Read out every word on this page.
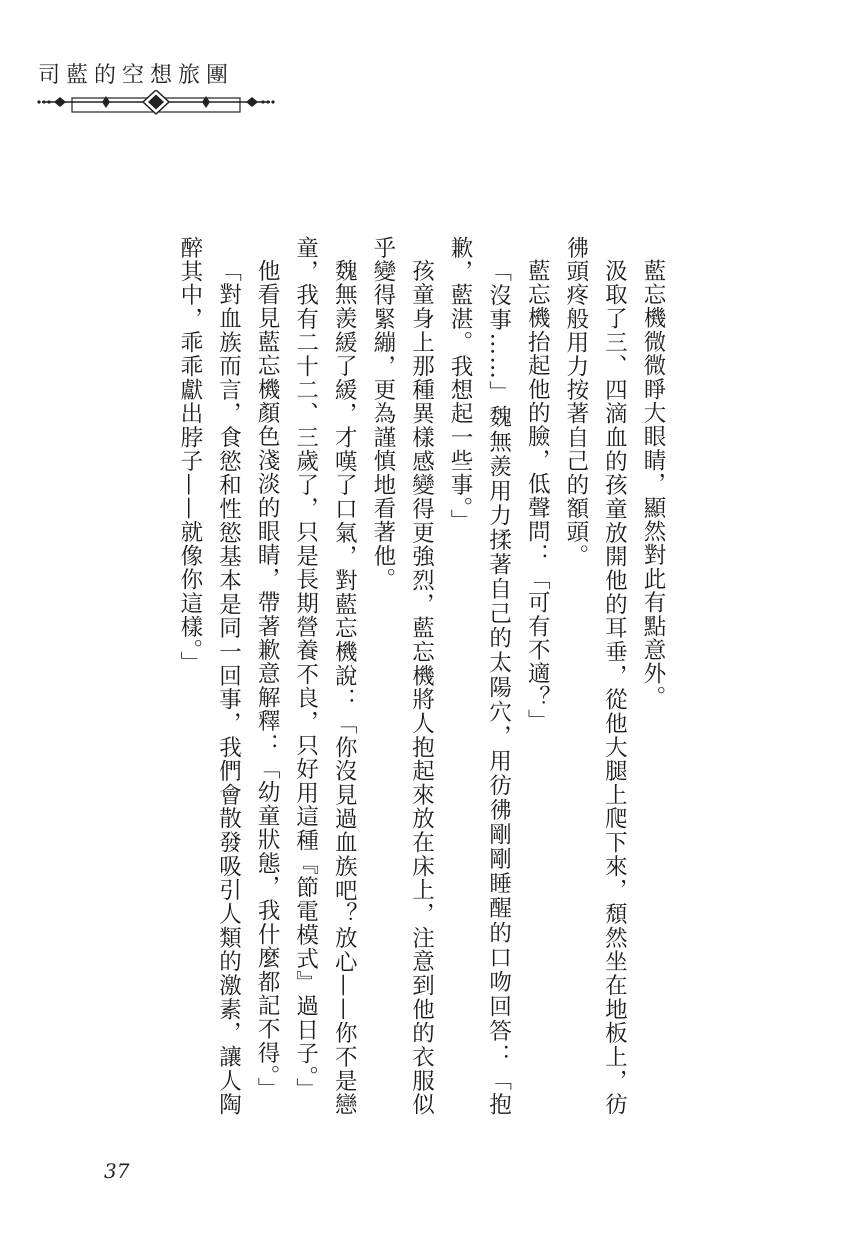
司藍的空想旅團

藍忘機微微睜大眼睛，顯然對此有點意外。

汲取了三、四滴血的孩童放開他的耳垂，從他大腿上爬下來，頹然坐在地板上，彷彿頭疼般用力按著自己的額頭。

藍忘機抬起他的臉，低聲問：「可有不適？」

「沒事……」魏無羨用力揉著自己的太陽穴，用彷彿剛剛睡醒的口吻回答：「抱歉，藍湛。我想起一些事。」

孩童身上那種異樣感變得更強烈，藍忘機將人抱起來放在床上，注意到他的衣服似乎變得緊繃，更為謹慎地看著他。

魏無羨緩了緩，才嘆了口氣，對藍忘機說：「你沒見過血族吧？放心——你不是戀童，我有二十二、三歲了，只是長期營養不良，只好用這種『節電模式』過日子。」

他看見藍忘機顏色淺淡的眼睛，帶著歉意解釋：「幼童狀態，我什麼都記不得。」

「對血族而言，食慾和性慾基本是同一回事，我們會散發吸引人類的激素，讓人陶醉其中，乖乖獻出脖子——就像你這樣。」

37
